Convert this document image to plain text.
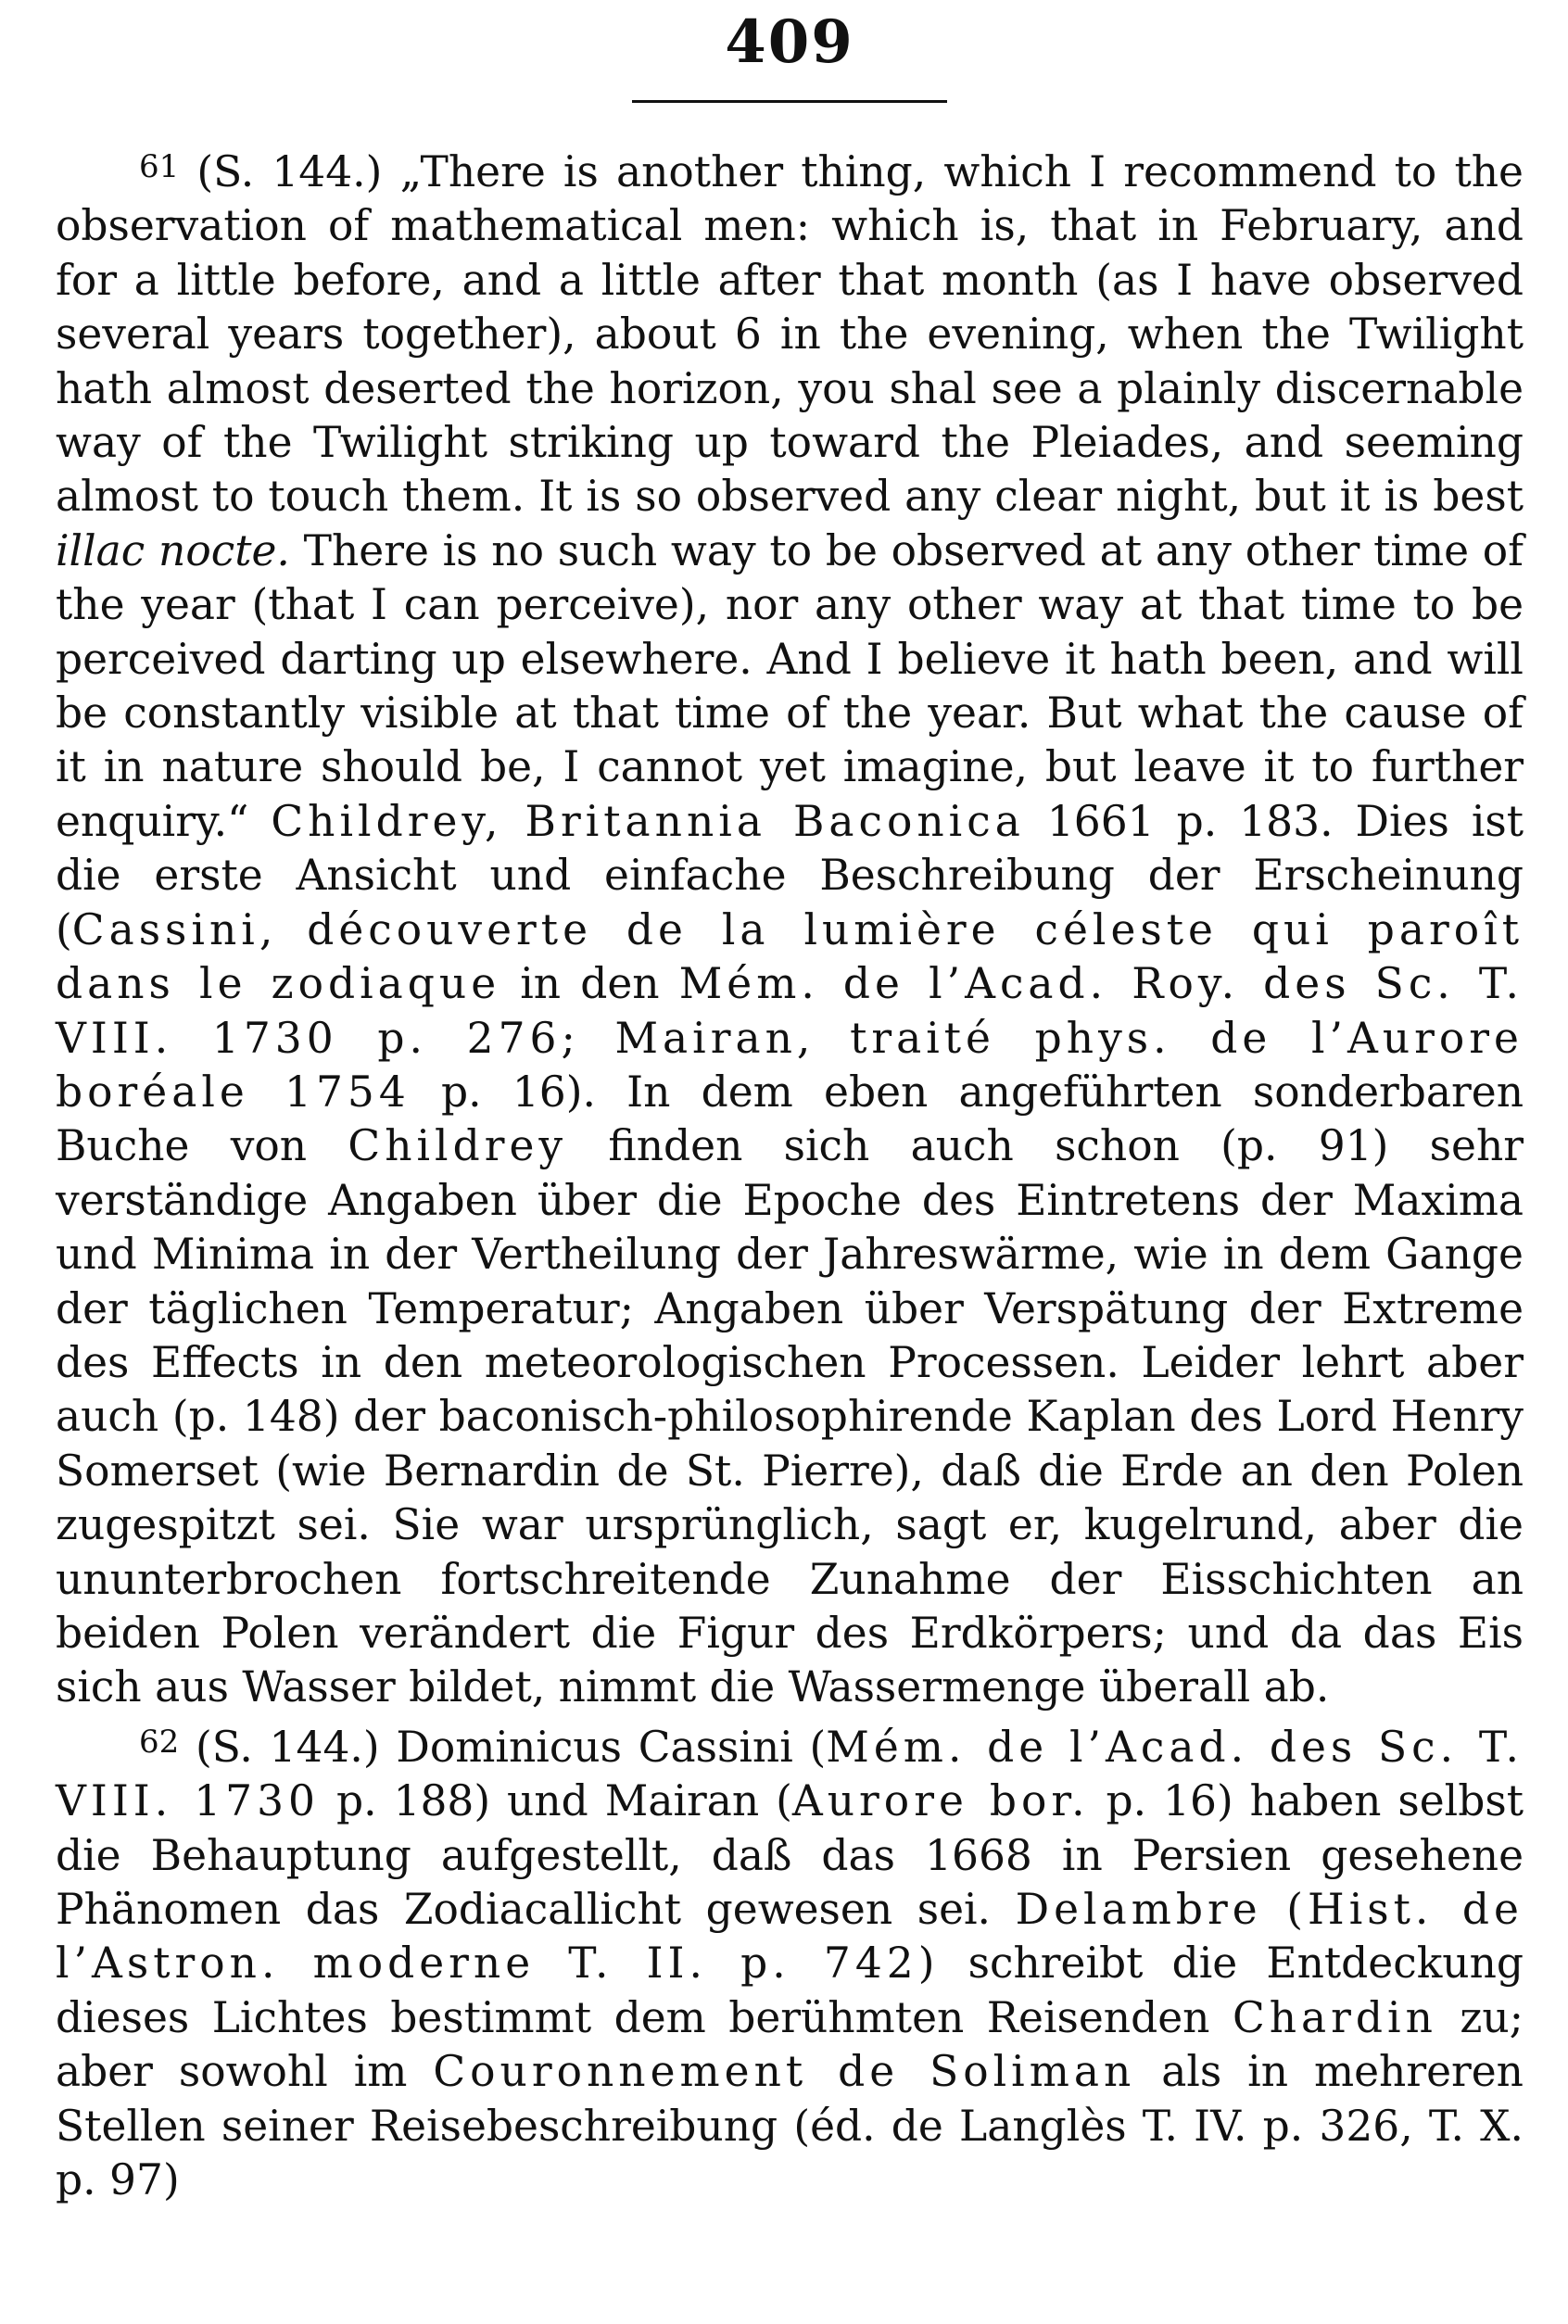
409

$^{61}$ (S. 144.) „There is another thing, which I recommend to the observation of mathematical men: which is, that in February, and for a little before, and a little after that month (as I have observed several years together), about 6 in the evening, when the Twilight hath almost deserted the horizon, you shal see a plainly discernable way of the Twilight striking up toward the Pleiades, and seeming almost to touch them. It is so observed any clear night, but it is best illac nocte. There is no such way to be observed at any other time of the year (that I can perceive), nor any other way at that time to be perceived darting up elsewhere. And I believe it hath been, and will be constantly visible at that time of the year. But what the cause of it in nature should be, I cannot yet imagine, but leave it to further enquiry.“ Childrey, Britannia Baconica 1661 p. 183. Dies ist die erste Ansicht und einfache Beschreibung der Erscheinung (Cassini, découverte de la lumière céleste qui paroît dans le zodiaque in den Mém. de l’Acad. Roy. des Sc. T. VIII. 1730 p. 276; Mairan, traité phys. de l’Aurore boréale 1754 p. 16). In dem eben angeführten sonderbaren Buche von Childrey finden sich auch schon (p. 91) sehr verständige Angaben über die Epoche des Eintretens der Maxima und Minima in der Vertheilung der Jahreswärme, wie in dem Gange der täglichen Temperatur; Angaben über Verspätung der Extreme des Effects in den meteorologischen Processen. Leider lehrt aber auch (p. 148) der baconisch-philosophirende Kaplan des Lord Henry Somerset (wie Bernardin de St. Pierre), daß die Erde an den Polen zugespitzt sei. Sie war ursprünglich, sagt er, kugelrund, aber die ununterbrochen fortschreitende Zunahme der Eisschichten an beiden Polen verändert die Figur des Erdkörpers; und da das Eis sich aus Wasser bildet, nimmt die Wassermenge überall ab.

$^{62}$ (S. 144.) Dominicus Cassini (Mém. de l’Acad. des Sc. T. VIII. 1730 p. 188) und Mairan (Aurore bor. p. 16) haben selbst die Behauptung aufgestellt, daß das 1668 in Persien gesehene Phänomen das Zodiacallicht gewesen sei. Delambre (Hist. de l’Astron. moderne T. II. p. 742) schreibt die Entdeckung dieses Lichtes bestimmt dem berühmten Reisenden Chardin zu; aber sowohl im Couronnement de Soliman als in mehreren Stellen seiner Reisebeschreibung (éd. de Langlès T. IV. p. 326, T. X. p. 97)
